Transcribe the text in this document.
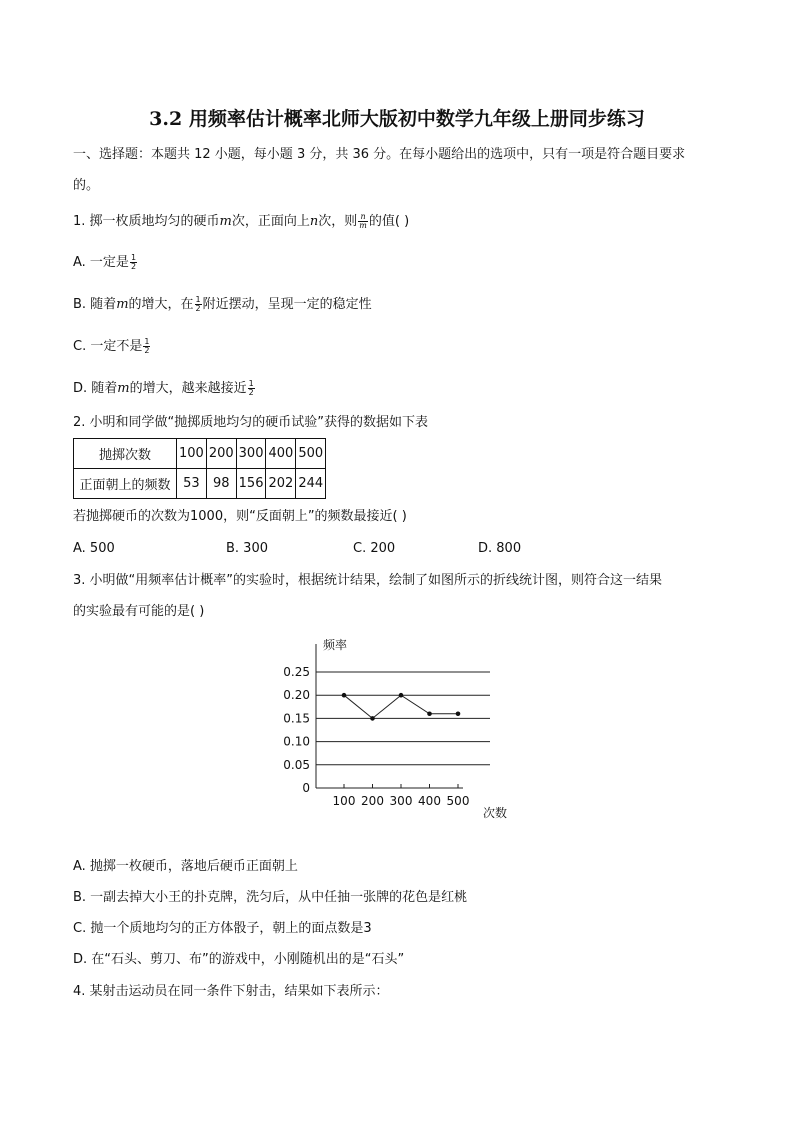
3.2 用频率估计概率北师大版初中数学九年级上册同步练习
一、选择题：本题共 12 小题，每小题 3 分，共 36 分。在每小题给出的选项中，只有一项是符合题目要求
的。
1. 掷一枚质地均匀的硬币m次，正面向上n次，则 $\frac{n}{m}$ 的值( )
A. 一定是 $\frac{1}{2}$
B. 随着m的增大，在 $\frac{1}{2}$ 附近摆动，呈现一定的稳定性
C. 一定不是 $\frac{1}{2}$
D. 随着m的增大，越来越接近 $\frac{1}{2}$
2. 小明和同学做“抛掷质地均匀的硬币试验”获得的数据如下表
抛掷次数	100	200	300	400	500
正面朝上的频数	53	98	156	202	244
若抛掷硬币的次数为1000，则“反面朝上”的频数最接近( )
A. 500	B. 300	C. 200	D. 800
3. 小明做“用频率估计概率”的实验时，根据统计结果，绘制了如图所示的折线统计图，则符合这一结果
的实验最有可能的是( )
0
0.05
0.10
0.15
0.20
0.25
100 200 300 400 500
频率
次数
A. 抛掷一枚硬币，落地后硬币正面朝上
B. 一副去掉大小王的扑克牌，洗匀后，从中任抽一张牌的花色是红桃
C. 抛一个质地均匀的正方体骰子，朝上的面点数是3
D. 在“石头、剪刀、布”的游戏中，小刚随机出的是“石头”
4. 某射击运动员在同一条件下射击，结果如下表所示：
